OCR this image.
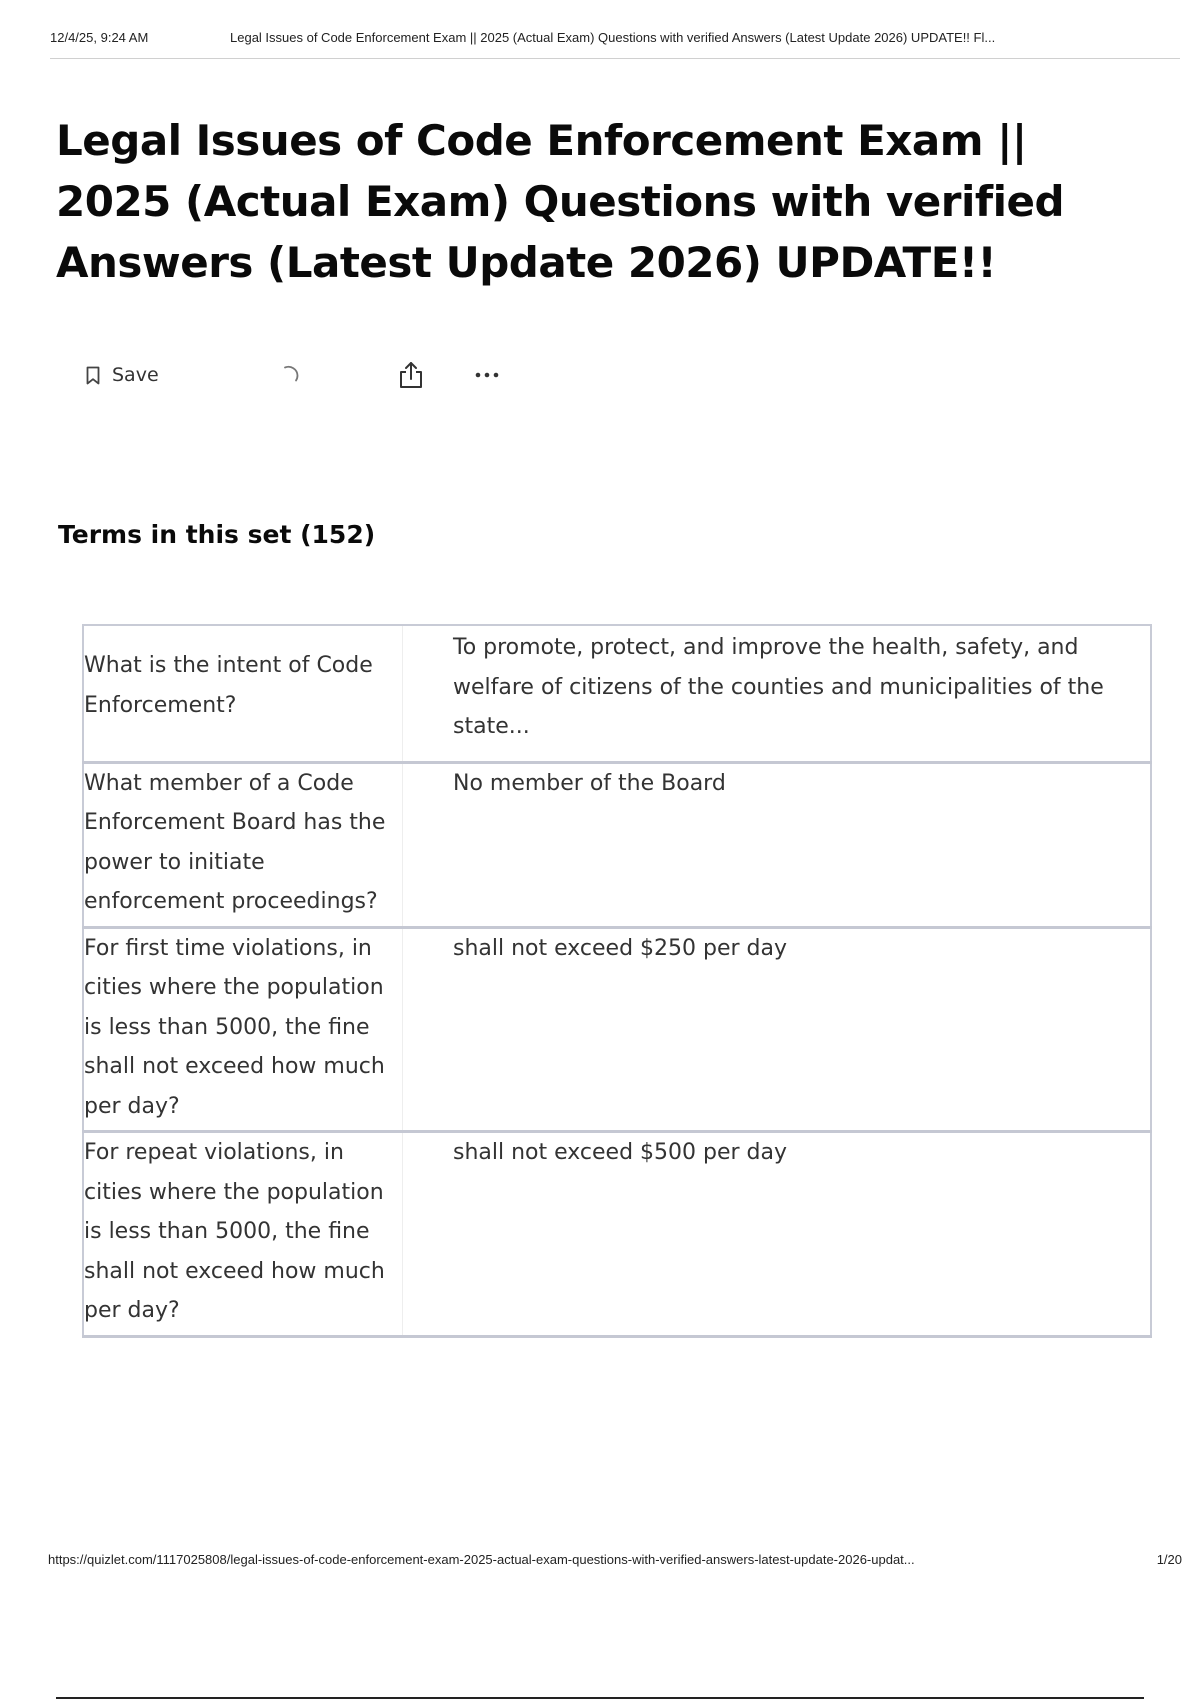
12/4/25, 9:24 AM	Legal Issues of Code Enforcement Exam || 2025 (Actual Exam) Questions with verified Answers (Latest Update 2026) UPDATE!! Fl...
Legal Issues of Code Enforcement Exam || 2025 (Actual Exam) Questions with verified Answers (Latest Update 2026) UPDATE!!
Save
Terms in this set (152)
What is the intent of Code Enforcement?	To promote, protect, and improve the health, safety, and welfare of citizens of the counties and municipalities of the state...
What member of a Code Enforcement Board has the power to initiate enforcement proceedings?	No member of the Board
For first time violations, in cities where the population is less than 5000, the fine shall not exceed how much per day?	shall not exceed $250 per day
For repeat violations, in cities where the population is less than 5000, the fine shall not exceed how much per day?	shall not exceed $500 per day
https://quizlet.com/1117025808/legal-issues-of-code-enforcement-exam-2025-actual-exam-questions-with-verified-answers-latest-update-2026-updat...	1/20
